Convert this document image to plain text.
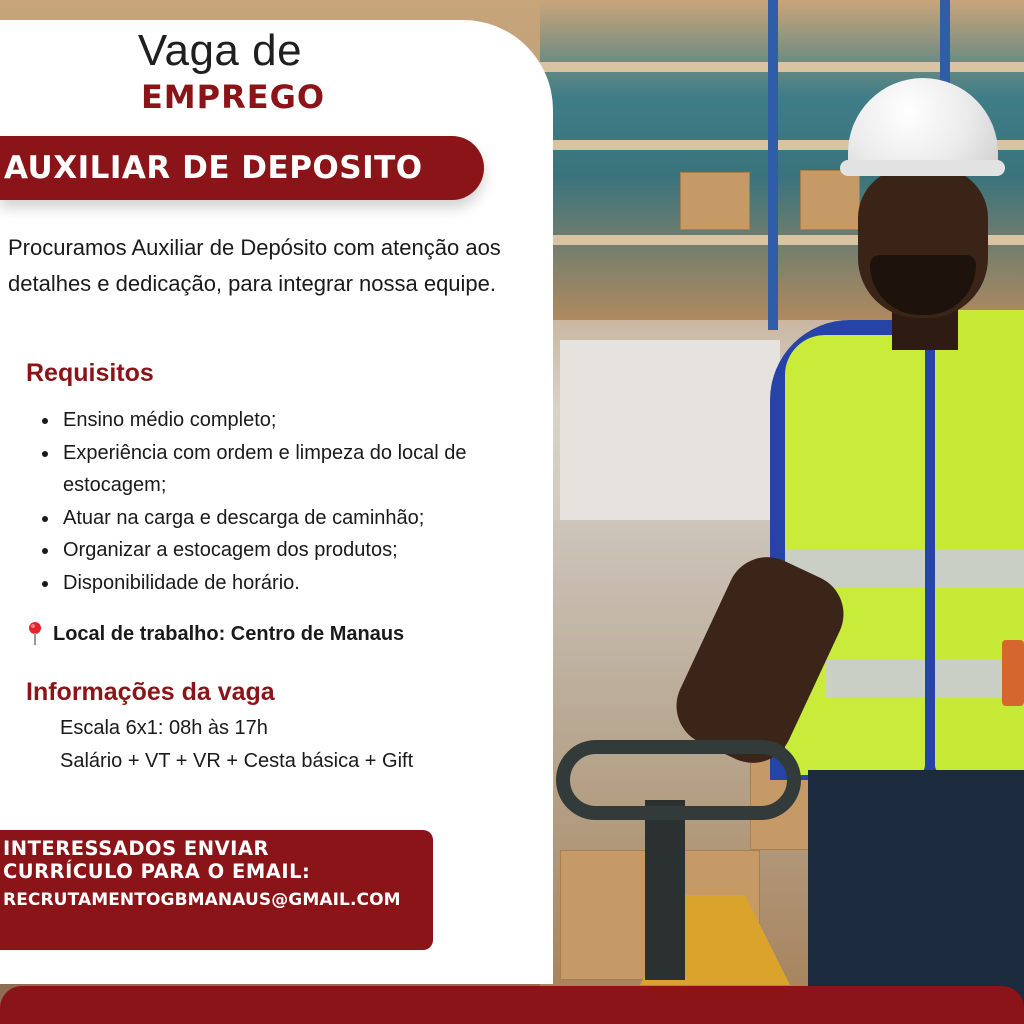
Vaga de
EMPREGO
AUXILIAR DE DEPOSITO

Procuramos Auxiliar de Depósito com atenção aos detalhes e dedicação, para integrar nossa equipe.

Requisitos
Ensino médio completo;
Experiência com ordem e limpeza do local de estocagem;
Atuar na carga e descarga de caminhão;
Organizar a estocagem dos produtos;
Disponibilidade de horário.
Local de trabalho: Centro de Manaus
Informações da vaga
Escala 6x1: 08h às 17h
Salário + VT + VR + Cesta básica + Gift
INTERESSADOS ENVIAR
CURRÍCULO PARA O EMAIL:
RECRUTAMENTOGBMANAUS@GMAIL.COM
